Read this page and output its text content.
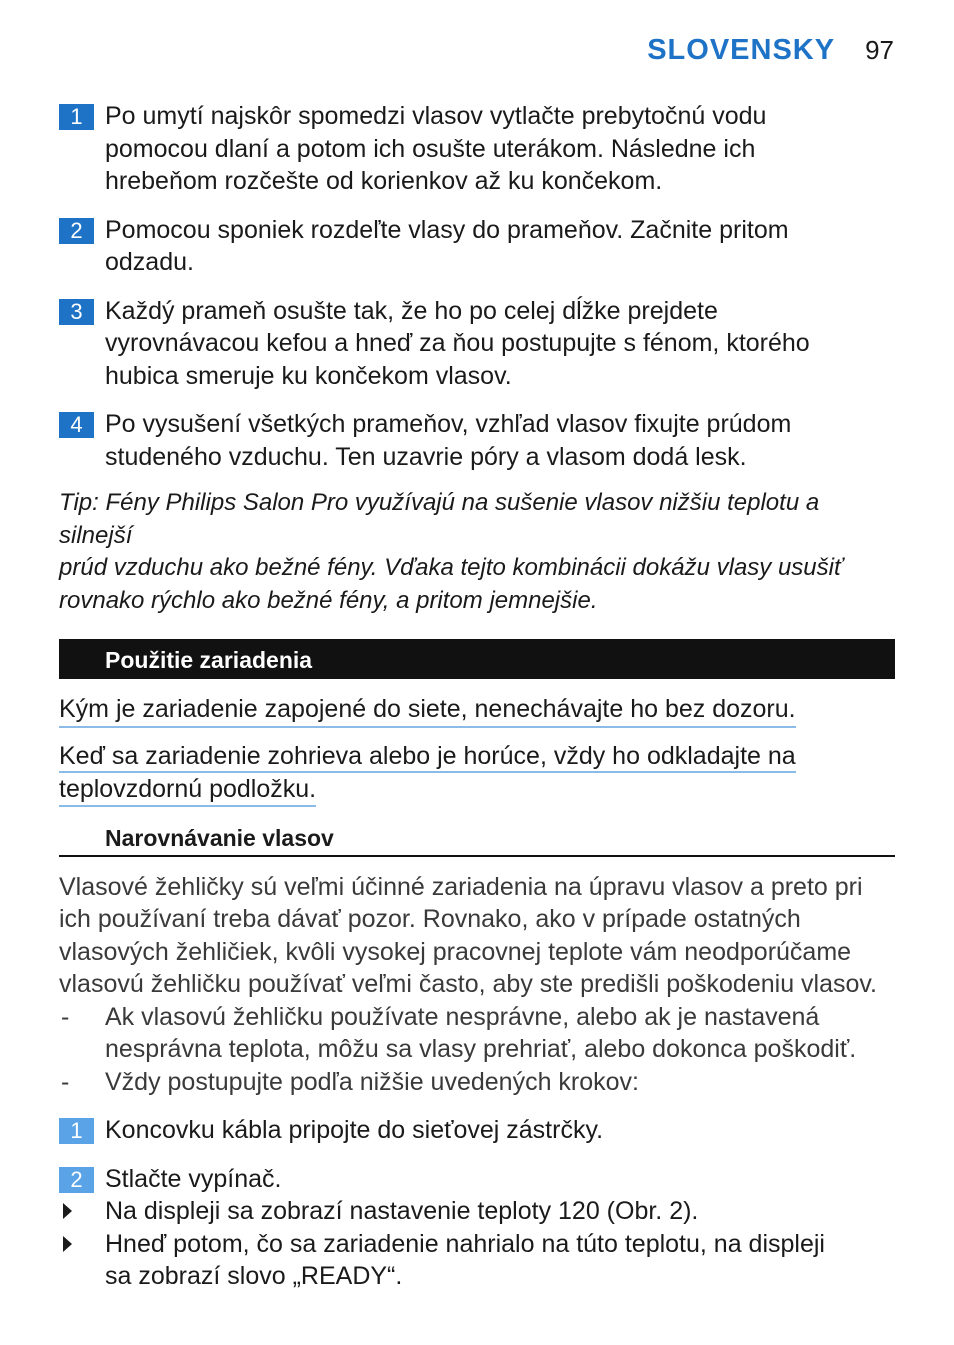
SLOVENSKY 97
1 Po umytí najskôr spomedzi vlasov vytlačte prebytočnú vodu
pomocou dlaní a potom ich osušte uterákom. Následne ich
hrebeňom rozčešte od korienkov až ku končekom.
2 Pomocou sponiek rozdeľte vlasy do prameňov. Začnite pritom
odzadu.
3 Každý prameň osušte tak, že ho po celej dĺžke prejdete
vyrovnávacou kefou a hneď za ňou postupujte s fénom, ktorého
hubica smeruje ku končekom vlasov.
4 Po vysušení všetkých prameňov, vzhľad vlasov fixujte prúdom
studeného vzduchu. Ten uzavrie póry a vlasom dodá lesk.
Tip: Fény Philips Salon Pro využívajú na sušenie vlasov nižšiu teplotu a silnejší
prúd vzduchu ako bežné fény. Vďaka tejto kombinácii dokážu vlasy usušiť
rovnako rýchlo ako bežné fény, a pritom jemnejšie.
Použitie zariadenia
Kým je zariadenie zapojené do siete, nenechávajte ho bez dozoru.
Keď sa zariadenie zohrieva alebo je horúce, vždy ho odkladajte na
teplovzdornú podložku.
Narovnávanie vlasov
Vlasové žehličky sú veľmi účinné zariadenia na úpravu vlasov a preto pri
ich používaní treba dávať pozor. Rovnako, ako v prípade ostatných
vlasových žehličiek, kvôli vysokej pracovnej teplote vám neodporúčame
vlasovú žehličku používať veľmi často, aby ste predišli poškodeniu vlasov.
- Ak vlasovú žehličku používate nesprávne, alebo ak je nastavená
nesprávna teplota, môžu sa vlasy prehriať, alebo dokonca poškodiť.
- Vždy postupujte podľa nižšie uvedených krokov:
1 Koncovku kábla pripojte do sieťovej zástrčky.
2 Stlačte vypínač.
Na displeji sa zobrazí nastavenie teploty 120 (Obr. 2).
Hneď potom, čo sa zariadenie nahrialo na túto teplotu, na displeji
sa zobrazí slovo „READY“.
